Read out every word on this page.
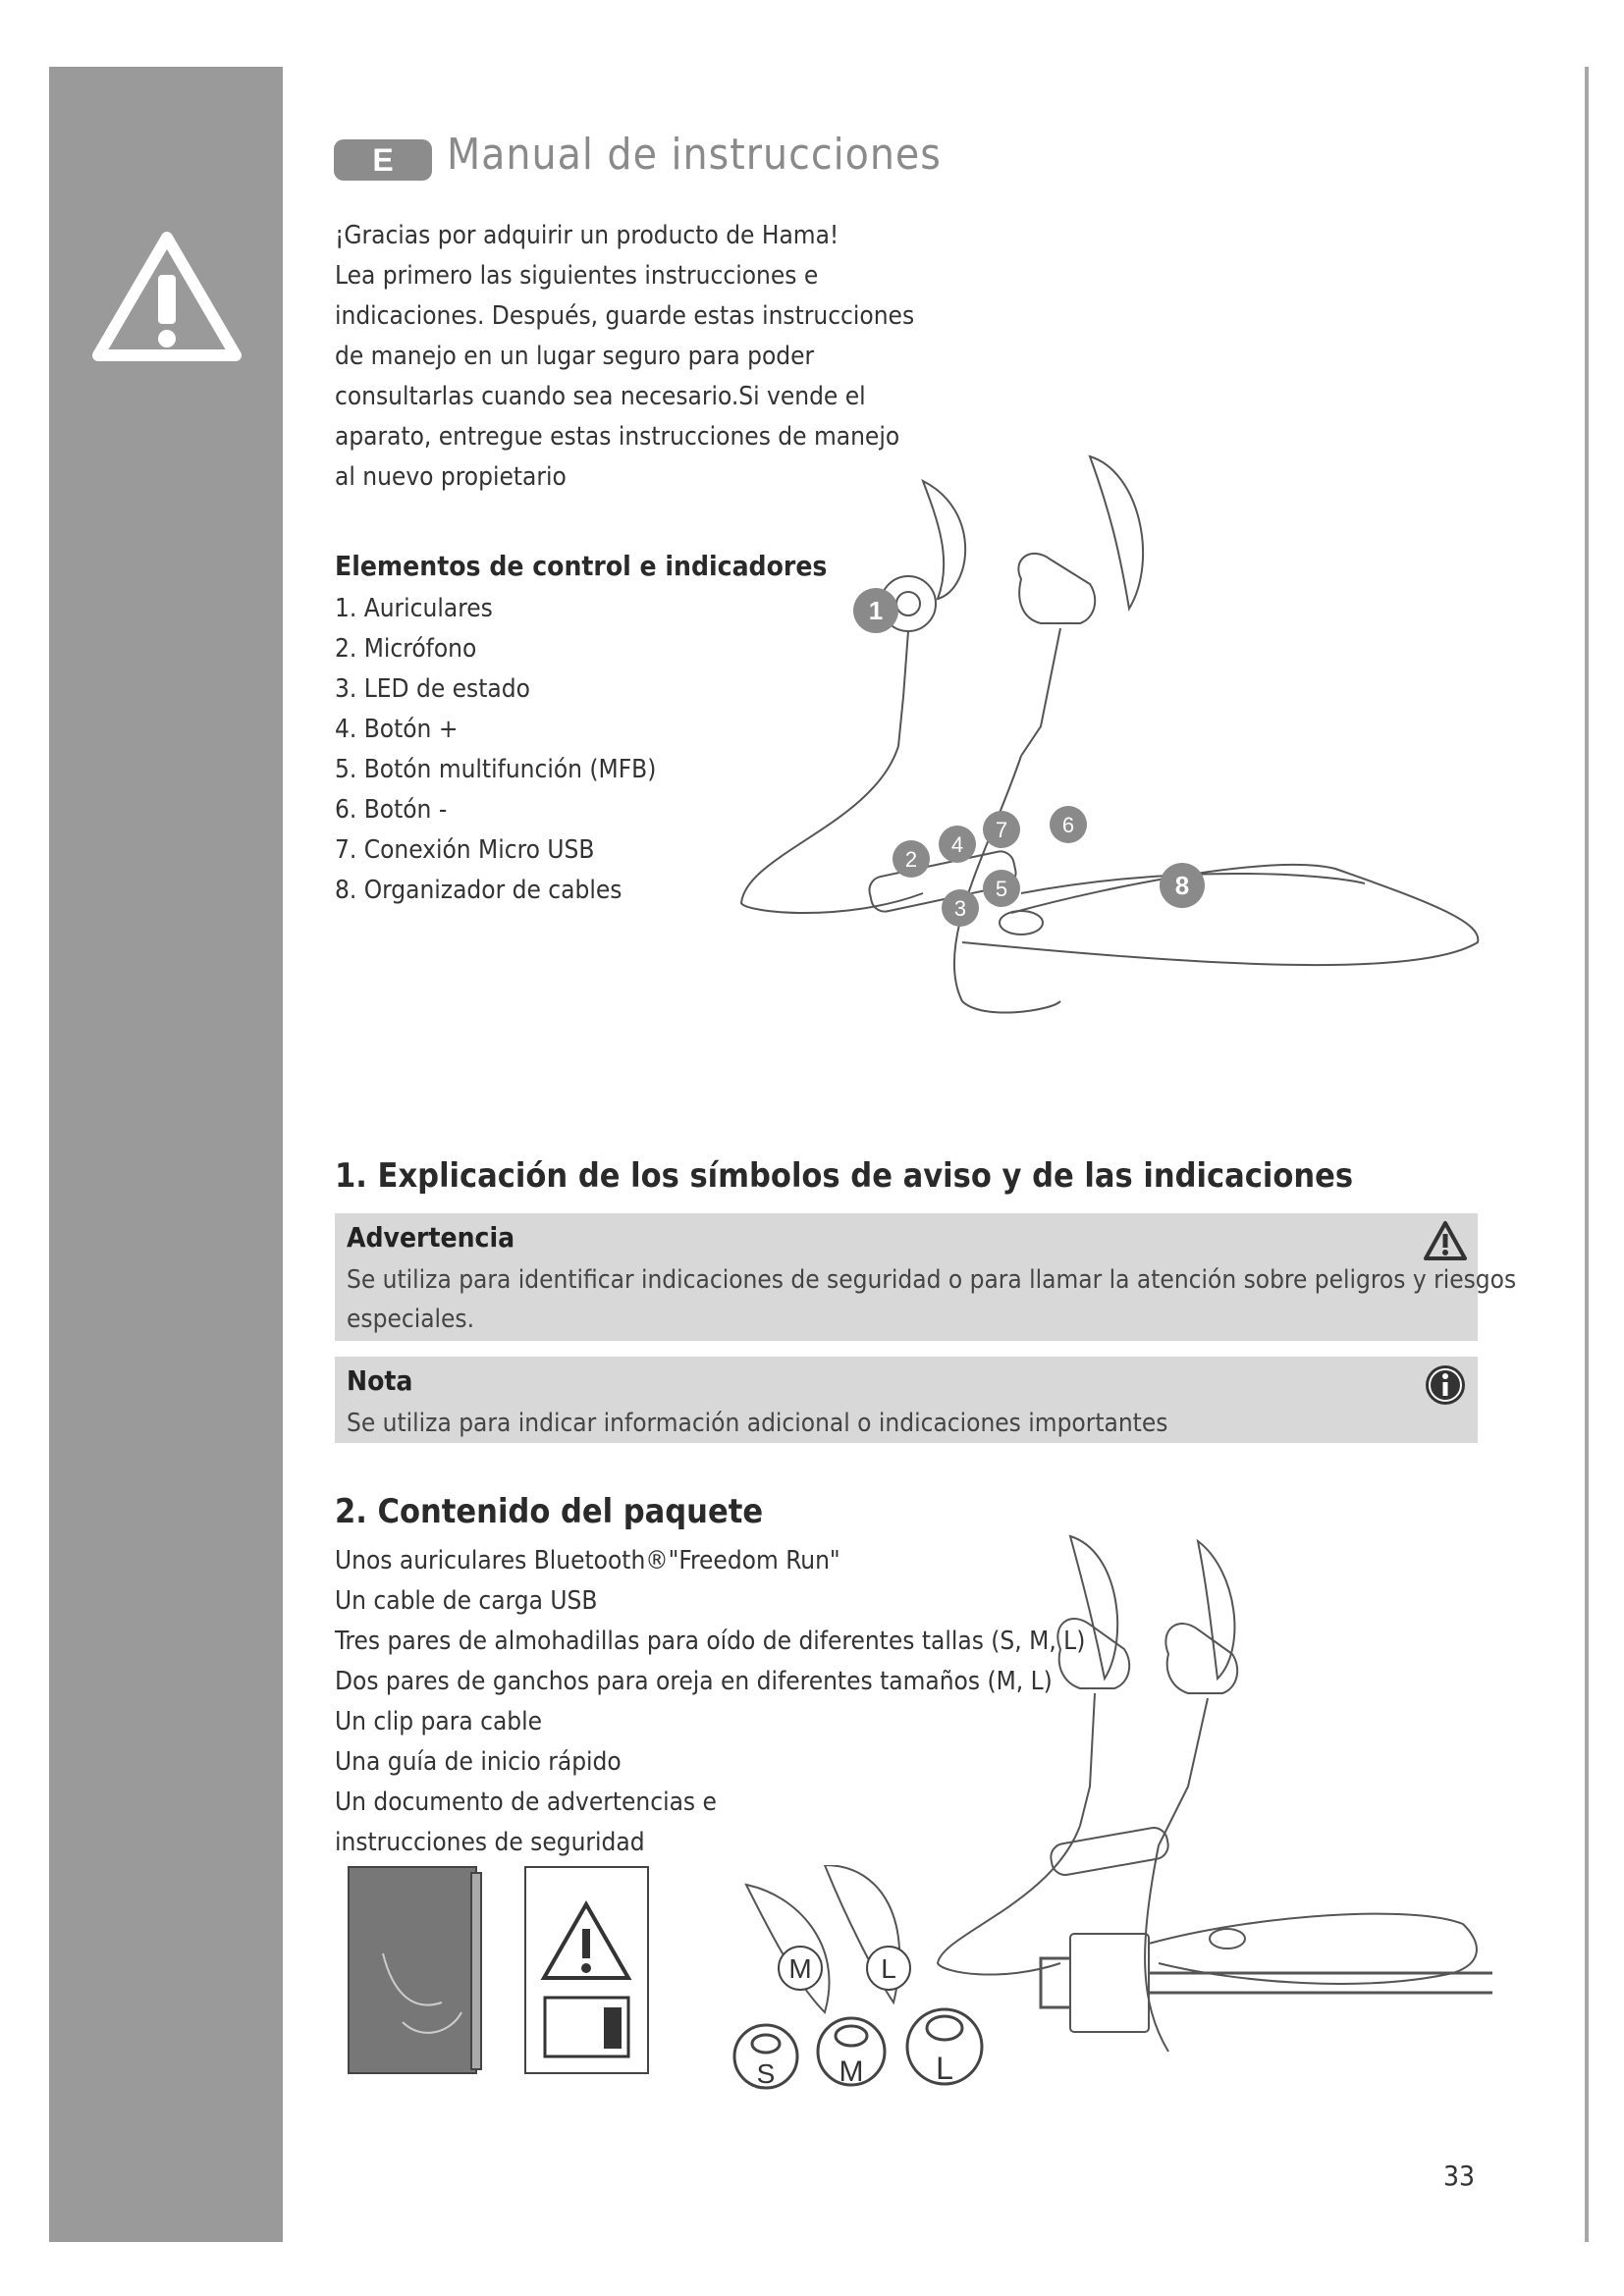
E	Manual de instrucciones
¡Gracias por adquirir un producto de Hama!
Lea primero las siguientes instrucciones e
indicaciones. Después, guarde estas instrucciones
de manejo en un lugar seguro para poder
consultarlas cuando sea necesario.Si vende el
aparato, entregue estas instrucciones de manejo
al nuevo propietario
Elementos de control e indicadores
1. Auriculares
2. Micrófono
3. LED de estado
4. Botón +
5. Botón multifunción (MFB)
6. Botón -
7. Conexión Micro USB
8. Organizador de cables
1
2
3
4
5
6
7
8
1. Explicación de los símbolos de aviso y de las indicaciones
Advertencia
Se utiliza para identificar indicaciones de seguridad o para llamar la atención sobre peligros y riesgos
especiales.
Nota
Se utiliza para indicar información adicional o indicaciones importantes
2. Contenido del paquete
Unos auriculares Bluetooth®"Freedom Run"
Un cable de carga USB
Tres pares de almohadillas para oído de diferentes tallas (S, M, L)
Dos pares de ganchos para oreja en diferentes tamaños (M, L)
Un clip para cable
Una guía de inicio rápido
Un documento de advertencias e
instrucciones de seguridad
M	L
S M L
33
